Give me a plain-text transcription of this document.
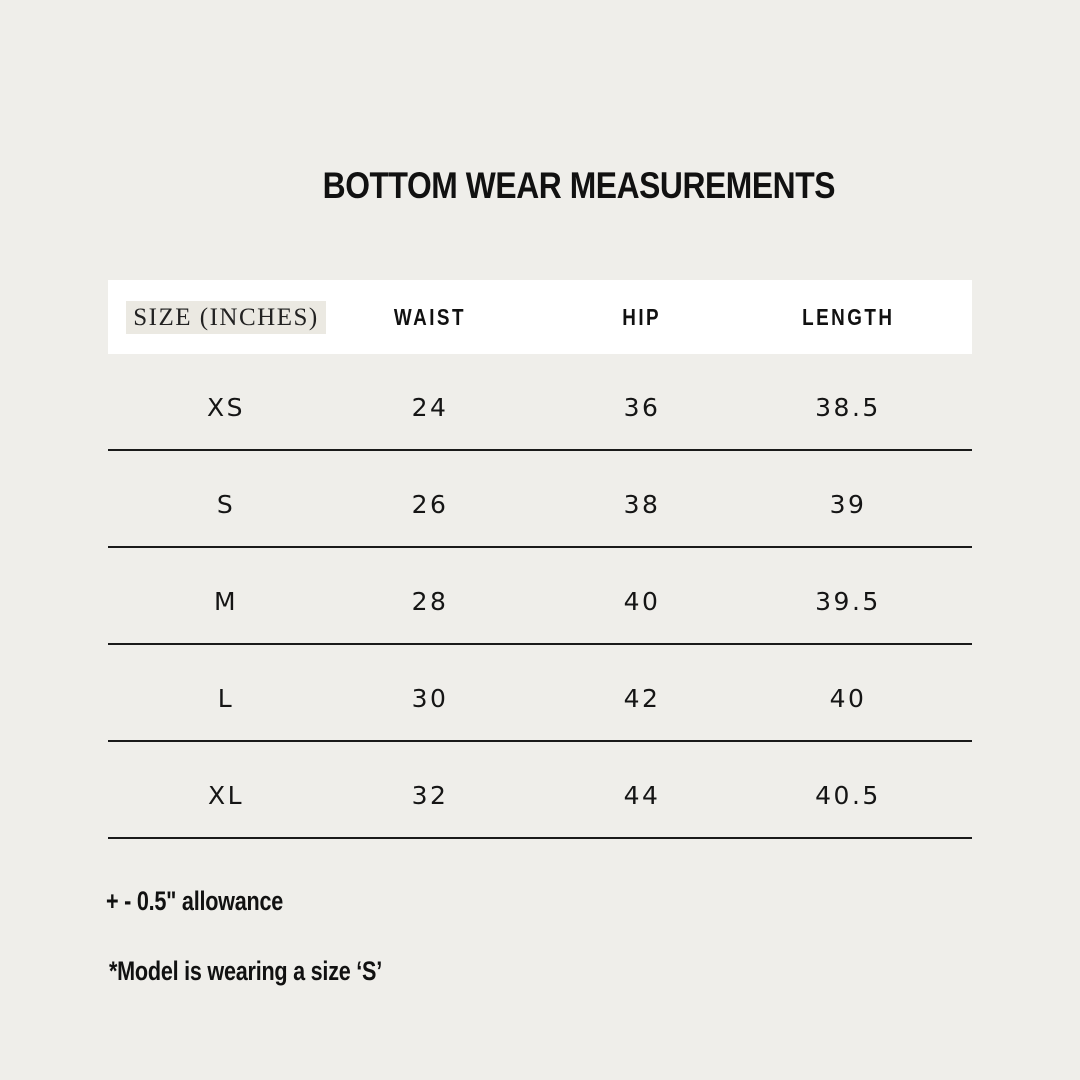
BOTTOM WEAR MEASUREMENTS
SIZE (INCHES)	WAIST	HIP	LENGTH
XS	24	36	38.5
S	26	38	39
M	28	40	39.5
L	30	42	40
XL	32	44	40.5
+ - 0.5" allowance
*Model is wearing a size ‘S’
